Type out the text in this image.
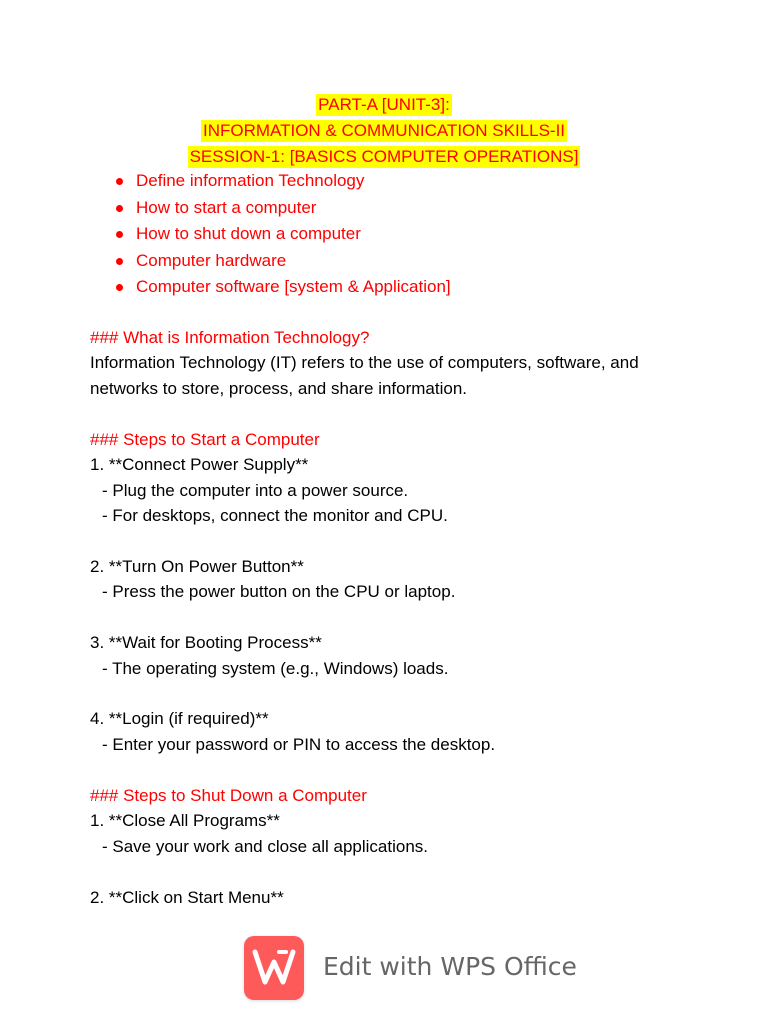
PART-A [UNIT-3]:
INFORMATION & COMMUNICATION SKILLS-II
SESSION-1: [BASICS COMPUTER OPERATIONS]
Define information Technology
How to start a computer
How to shut down a computer
Computer hardware
Computer software [system & Application]
### What is Information Technology?
Information Technology (IT) refers to the use of computers, software, and
networks to store, process, and share information.
### Steps to Start a Computer
1. **Connect Power Supply**
- Plug the computer into a power source.
- For desktops, connect the monitor and CPU.

2. **Turn On Power Button**
- Press the power button on the CPU or laptop.

3. **Wait for Booting Process**
- The operating system (e.g., Windows) loads.

4. **Login (if required)**
- Enter your password or PIN to access the desktop.
### Steps to Shut Down a Computer
1. **Close All Programs**
- Save your work and close all applications.

2. **Click on Start Menu**
Edit with WPS Office
